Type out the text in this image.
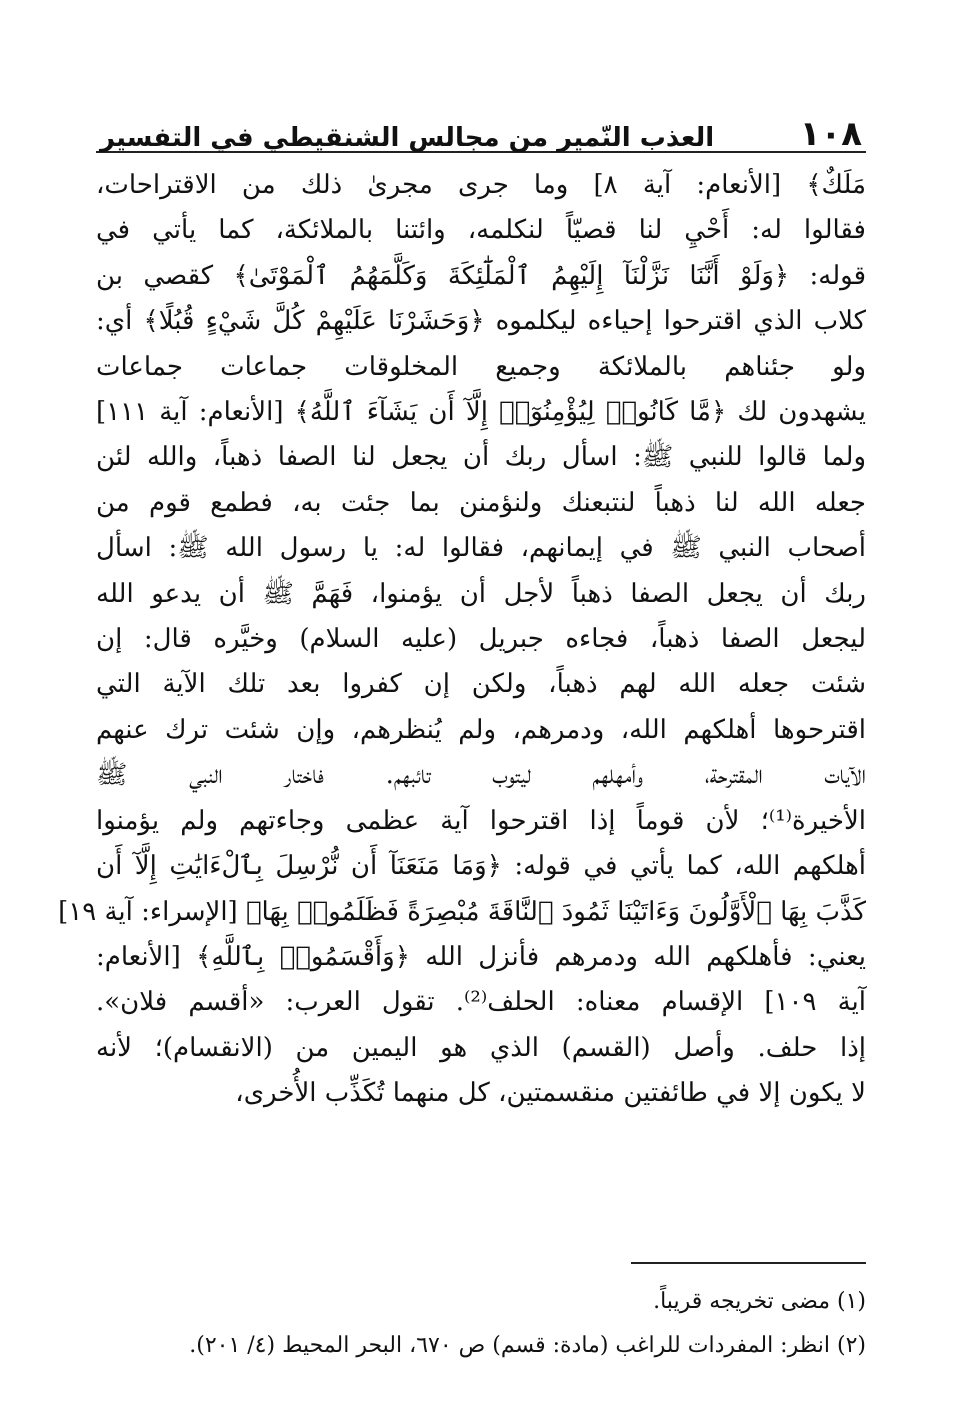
١٠٨
العذب النّمير من مجالس الشنقيطي في التفسير
مَلَكٌ﴾ [الأنعام: آية ٨] وما جرى مجرىٰ ذلك من الاقتراحات،
فقالوا له: أَحْيِ لنا قصيّاً لنكلمه، وائتنا بالملائكة، كما يأتي في
قوله: ﴿وَلَوْ أَنَّنَا نَزَّلْنَآ إِلَيْهِمُ ٱلْمَلَٰٓئِكَةَ وَكَلَّمَهُمُ ٱلْمَوْتَىٰ﴾ كقصي بن
كلاب الذي اقترحوا إحياءه ليكلموه ﴿وَحَشَرْنَا عَلَيْهِمْ كُلَّ شَيْءٍ قُبُلًا﴾ أي:
ولو جئناهم بالملائكة وجميع المخلوقات جماعات جماعات
يشهدون لك ﴿مَّا كَانُوا۟ لِيُؤْمِنُوٓا۟ إِلَّآ أَن يَشَآءَ ٱللَّهُ﴾ [الأنعام: آية ١١١]
ولما قالوا للنبي ﷺ: اسأل ربك أن يجعل لنا الصفا ذهباً، والله لئن
جعله الله لنا ذهباً لنتبعنك ولنؤمنن بما جئت به، فطمع قوم من
أصحاب النبي ﷺ في إيمانهم، فقالوا له: يا رسول الله ﷺ: اسأل
ربك أن يجعل الصفا ذهباً لأجل أن يؤمنوا، فَهَمَّ ﷺ أن يدعو الله
ليجعل الصفا ذهباً، فجاءه جبريل (عليه السلام) وخيَّره قال: إن
شئت جعله الله لهم ذهباً، ولكن إن كفروا بعد تلك الآية التي
اقترحوها أهلكهم الله، ودمرهم، ولم يُنظرهم، وإن شئت ترك عنهم
الآيات المقترحة، وأمهلهم ليتوب تائبهم. فاختار النبي ﷺ
الأخيرة⁽¹⁾؛ لأن قوماً إذا اقترحوا آية عظمى وجاءتهم ولم يؤمنوا
أهلكهم الله، كما يأتي في قوله: ﴿وَمَا مَنَعَنَآ أَن نُّرْسِلَ بِٱلْءَايَٰتِ إِلَّآ أَن
كَذَّبَ بِهَا ٱلْأَوَّلُونَ وَءَاتَيْنَا ثَمُودَ ٱلنَّاقَةَ مُبْصِرَةً فَظَلَمُوا۟ بِهَا﴾ [الإسراء: آية ١٩]
يعني: فأهلكهم الله ودمرهم فأنزل الله ﴿وَأَقْسَمُوا۟ بِٱللَّهِ﴾ [الأنعام:
آية ١٠٩] الإقسام معناه: الحلف⁽²⁾. تقول العرب: «أقسم فلان».
إذا حلف. وأصل (القسم) الذي هو اليمين من (الانقسام)؛ لأنه
لا يكون إلا في طائفتين منقسمتين، كل منهما تُكَذِّب الأُخرى،
(١) مضى تخريجه قريباً.
(٢) انظر: المفردات للراغب (مادة: قسم) ص ٦٧٠، البحر المحيط (٤/ ٢٠١).
